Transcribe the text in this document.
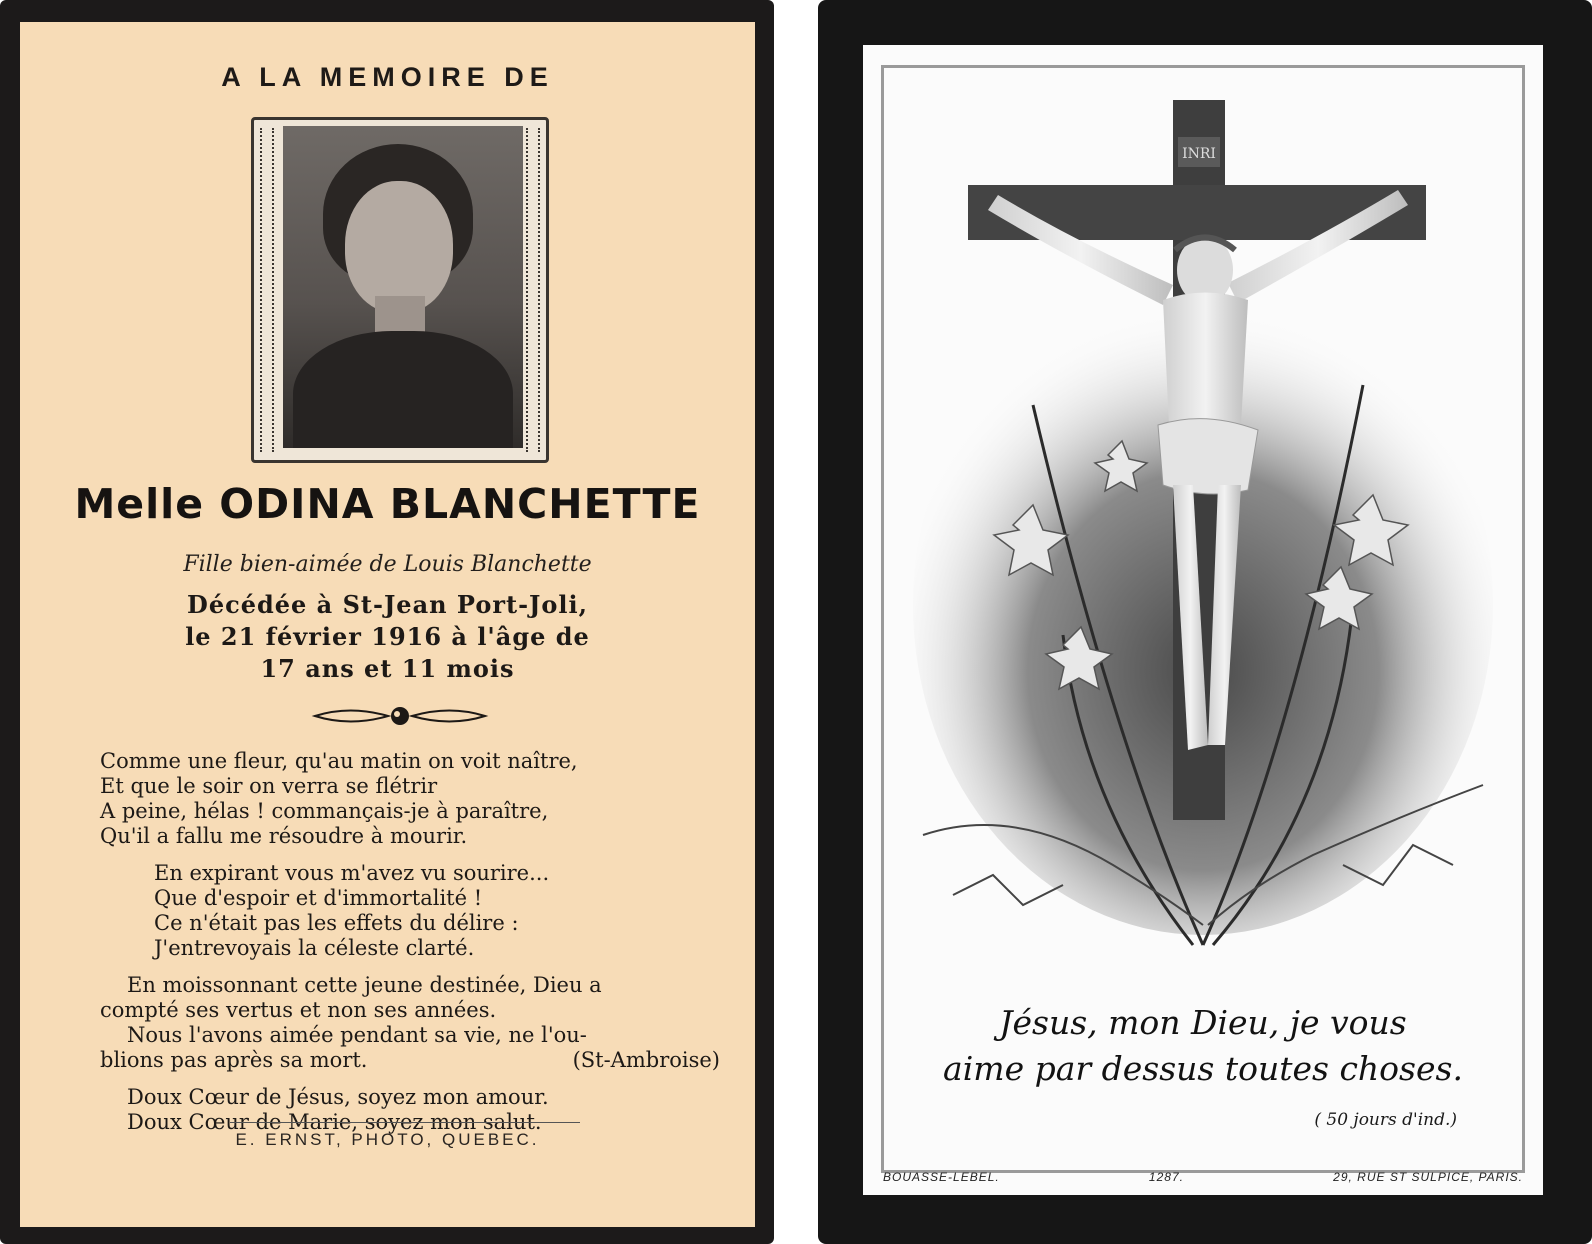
A LA MEMOIRE DE
Melle ODINA BLANCHETTE
Fille bien-aimée de Louis Blanchette
Décédée à St-Jean Port-Joli,
le 21 février 1916 à l'âge de
17 ans et 11 mois
Comme une fleur, qu'au matin on voit naître,
Et que le soir on verra se flétrir
A peine, hélas ! commançais-je à paraître,
Qu'il a fallu me résoudre à mourir.
En expirant vous m'avez vu sourire...
Que d'espoir et d'immortalité !
Ce n'était pas les effets du délire :
J'entrevoyais la céleste clarté.
En moissonnant cette jeune destinée, Dieu a
compté ses vertus et non ses années.
Nous l'avons aimée pendant sa vie, ne l'ou-
blions pas après sa mort.	(St-Ambroise)
Doux Cœur de Jésus, soyez mon amour.
Doux Cœur de Marie, soyez mon salut.
E. ERNST, PHOTO, QUEBEC.
INRI
Jésus, mon Dieu, je vous
aime par dessus toutes choses.
( 50 jours d'ind.)
BOUASSE-LEBEL.	1287.	29, RUE ST SULPICE, PARIS.
